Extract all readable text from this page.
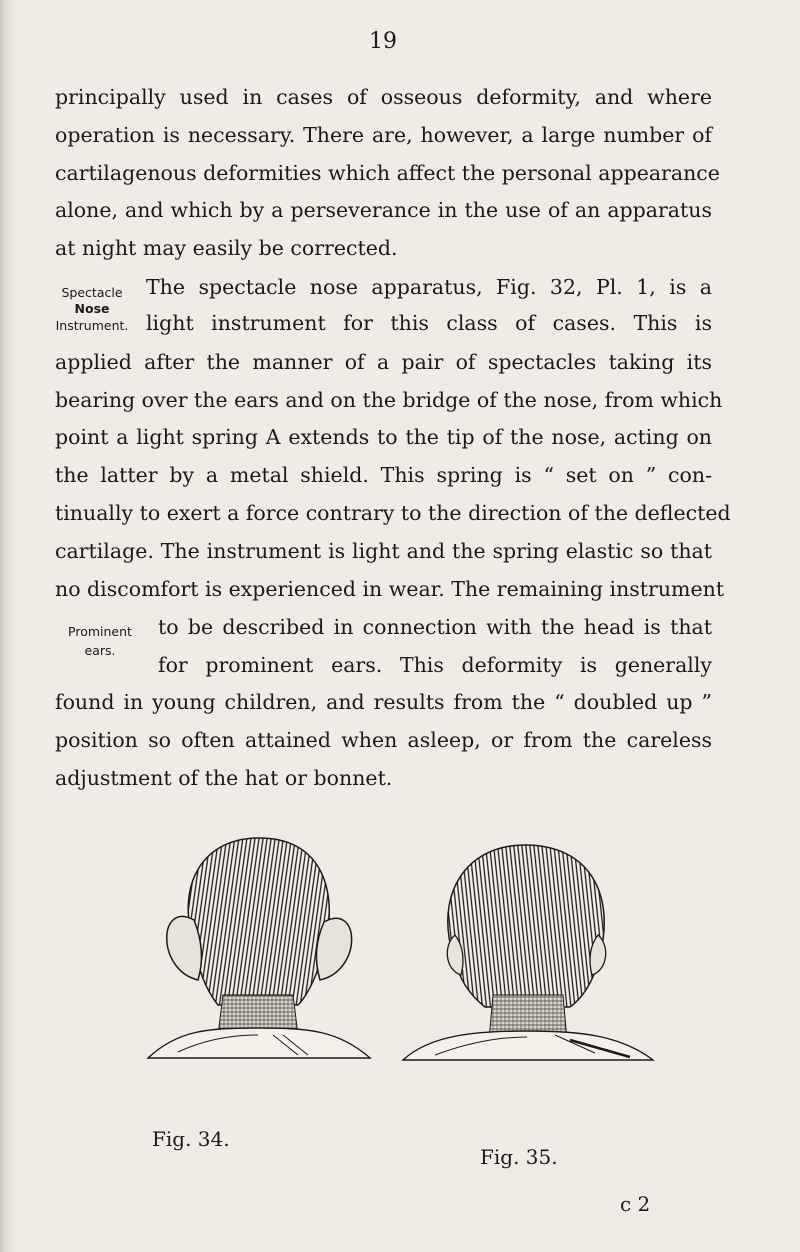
19
principally used in cases of osseous deformity, and where
operation is necessary. There are, however, a large number of
cartilagenous deformities which affect the personal appearance
alone, and which by a perseverance in the use of an apparatus
at night may easily be corrected.
Spectacle
Nose
Instrument.
The spectacle nose apparatus, Fig. 32, Pl. 1, is a
light instrument for this class of cases. This is
applied after the manner of a pair of spectacles taking its
bearing over the ears and on the bridge of the nose, from which
point a light spring A extends to the tip of the nose, acting on
the latter by a metal shield. This spring is “ set on ” con-
tinually to exert a force contrary to the direction of the deflected
cartilage. The instrument is light and the spring elastic so that
no discomfort is experienced in wear. The remaining instrument
Prominent
ears.
to be described in connection with the head is that
for prominent ears. This deformity is generally
found in young children, and results from the “ doubled up ”
position so often attained when asleep, or from the careless
adjustment of the hat or bonnet.
Fig. 34.
Fig. 35.
c 2
